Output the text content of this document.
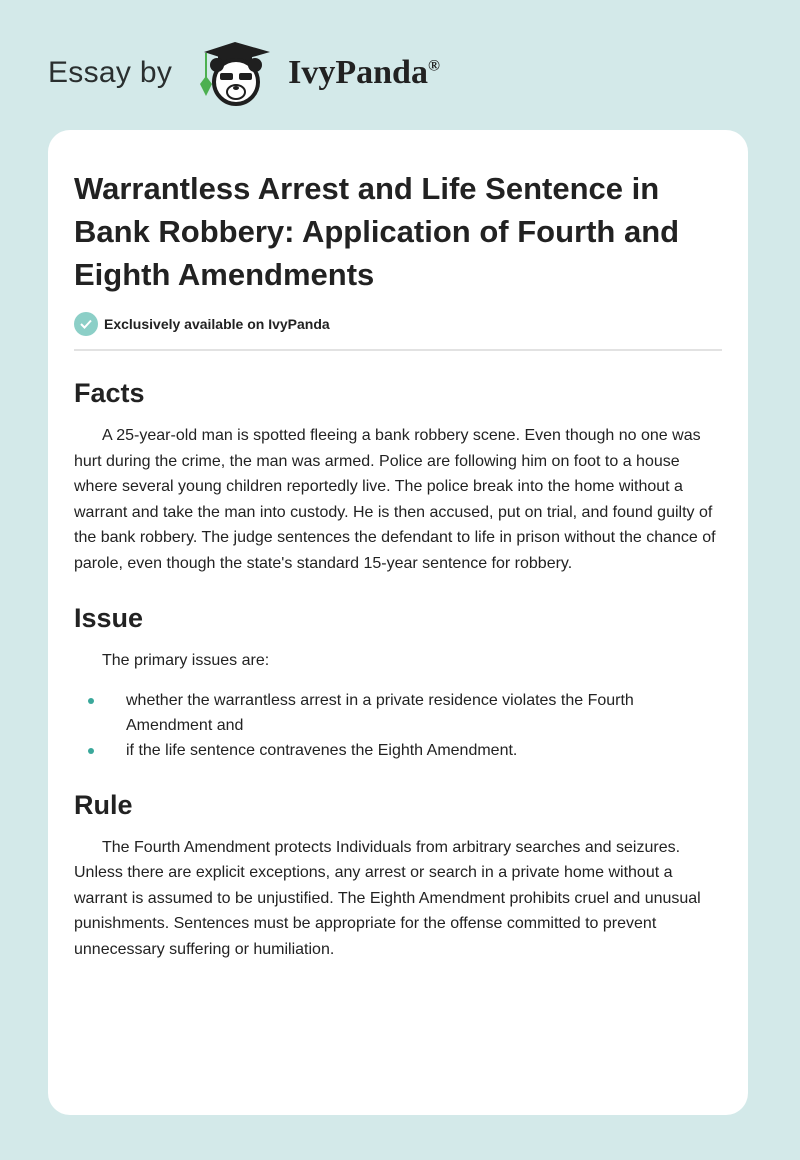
Essay by	IvyPanda®
Warrantless Arrest and Life Sentence in Bank Robbery: Application of Fourth and Eighth Amendments
Exclusively available on IvyPanda
Facts

A 25-year-old man is spotted fleeing a bank robbery scene. Even though no one was hurt during the crime, the man was armed. Police are following him on foot to a house where several young children reportedly live. The police break into the home without a warrant and take the man into custody. He is then accused, put on trial, and found guilty of the bank robbery. The judge sentences the defendant to life in prison without the chance of parole, even though the state's standard 15-year sentence for robbery.

Issue

The primary issues are:

whether the warrantless arrest in a private residence violates the Fourth Amendment and
if the life sentence contravenes the Eighth Amendment.
Rule

The Fourth Amendment protects Individuals from arbitrary searches and seizures. Unless there are explicit exceptions, any arrest or search in a private home without a warrant is assumed to be unjustified. The Eighth Amendment prohibits cruel and unusual punishments. Sentences must be appropriate for the offense committed to prevent unnecessary suffering or humiliation.
